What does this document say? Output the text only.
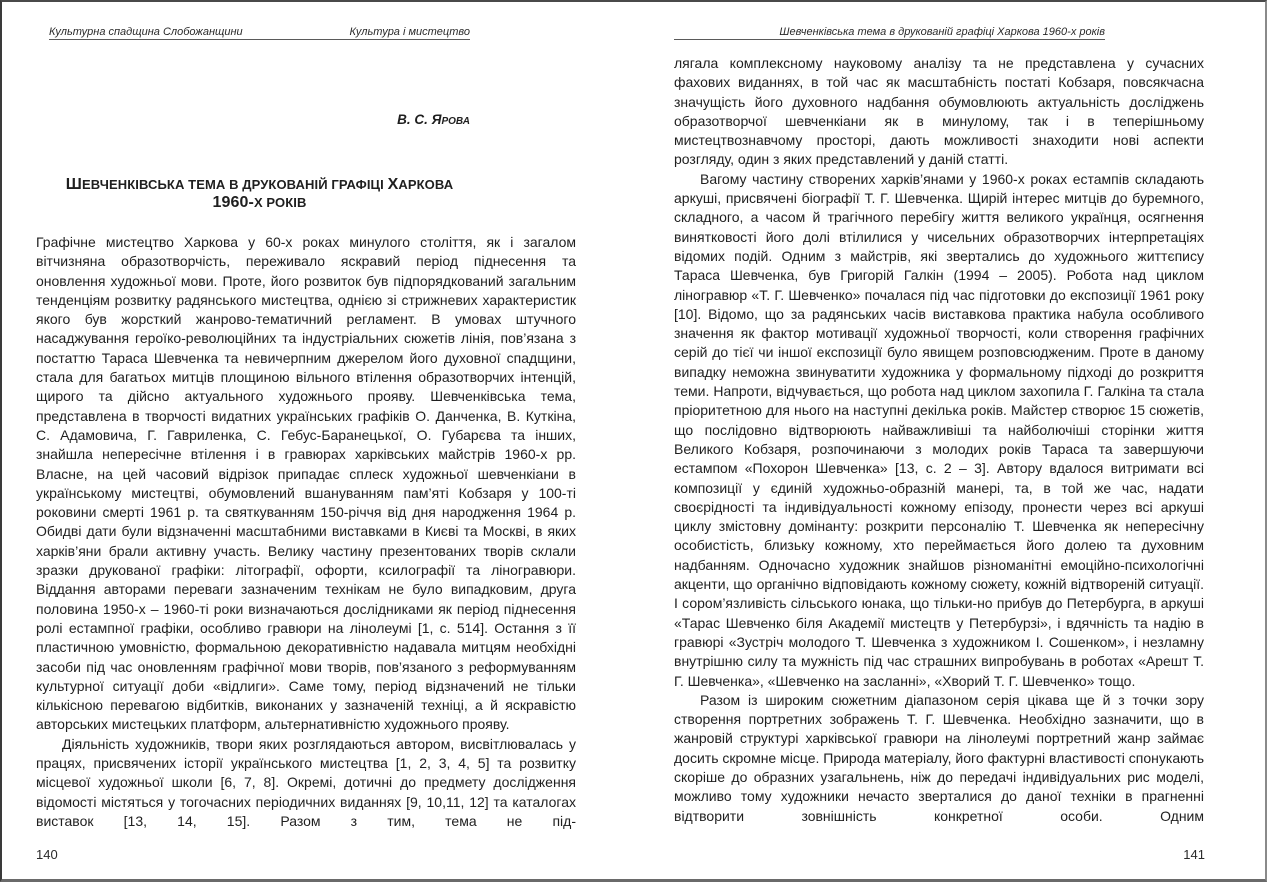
Культурна спадщина Слобожанщини	Культура і мистецтво
В. С. ЯРОВА
ШЕВЧЕНКІВСЬКА ТЕМА В ДРУКОВАНІЙ ГРАФІЦІ ХАРКОВА 1960-Х РОКІВ

Графічне мистецтво Харкова у 60-х роках минулого століття, як і загалом вітчизняна образотворчість, переживало яскравий період піднесення та оновлення художньої мови. Проте, його розвиток був підпорядкований загальним тенденціям розвитку радянського мистецтва, однією зі стрижневих характеристик якого був жорсткий жанрово-тематичний регламент. В умовах штучного насаджування героїко-революційних та індустріальних сюжетів лінія, пов’язана з постаттю Тараса Шевченка та невичерпним джерелом його духовної спадщини, стала для багатьох митців площиною вільного втілення образотворчих інтенцій, щирого та дійсно актуального художнього прояву. Шевченківська тема, представлена в творчості видатних українських графіків О. Данченка, В. Куткіна, С. Адамовича, Г. Гавриленка, С. Гебус-Баранецької, О. Губарєва та інших, знайшла непересічне втілення і в гравюрах харківських майстрів 1960-х рр. Власне, на цей часовий відрізок припадає сплеск художньої шевченкіани в українському мистецтві, обумовлений вшануванням пам’яті Кобзаря у 100-ті роковини смерті 1961 р. та святкуванням 150-річчя від дня народження 1964 р. Обидві дати були відзначенні масштабними виставками в Києві та Москві, в яких харків’яни брали активну участь. Велику частину презентованих творів склали зразки друкованої графіки: літографії, офорти, ксилографії та ліногравюри. Віддання авторами переваги зазначеним технікам не було випадковим, друга половина 1950-х – 1960-ті роки визначаються дослідниками як період піднесення ролі естампної графіки, особливо гравюри на лінолеумі [1, с. 514]. Остання з її пластичною умовністю, формальною декоративністю надавала митцям необхідні засоби під час оновленням графічної мови творів, пов’язаного з реформуванням культурної ситуації доби «відлиги». Саме тому, період відзначений не тільки кількісною перевагою відбитків, виконаних у зазначеній техніці, а й яскравістю авторських мистецьких платформ, альтернативністю художнього прояву.

Діяльність художників, твори яких розглядаються автором, висвітлювалась у працях, присвячених історії українського мистецтва [1, 2, 3, 4, 5] та розвитку місцевої художньої школи [6, 7, 8]. Окремі, дотичні до предмету дослідження відомості містяться у тогочасних періодичних виданнях [9, 10,11, 12] та каталогах виставок [13, 14, 15]. Разом з тим, тема не під-

140
Шевченківська тема в друкованій графіці Харкова 1960-х років

лягала комплексному науковому аналізу та не представлена у сучасних фахових виданнях, в той час як масштабність постаті Кобзаря, повсякчасна значущість його духовного надбання обумовлюють актуальність досліджень образотворчої шевченкіани як в минулому, так і в теперішньому мистецтвознавчому просторі, дають можливості знаходити нові аспекти розгляду, один з яких представлений у даній статті.

Вагому частину створених харків’янами у 1960-х роках естампів складають аркуші, присвячені біографії Т. Г. Шевченка. Щирій інтерес митців до буремного, складного, а часом й трагічного перебігу життя великого українця, осягнення винятковості його долі втілилися у чисельних образотворчих інтерпретаціях відомих подій. Одним з майстрів, які звертались до художнього життєпису Тараса Шевченка, був Григорій Галкін (1994 – 2005). Робота над циклом ліногравюр «Т. Г. Шевченко» почалася під час підготовки до експозиції 1961 року [10]. Відомо, що за радянських часів виставкова практика набула особливого значення як фактор мотивації художньої творчості, коли створення графічних серій до тієї чи іншої експозиції було явищем розповсюдженим. Проте в даному випадку неможна звинуватити художника у формальному підході до розкриття теми. Напроти, відчувається, що робота над циклом захопила Г. Галкіна та стала пріоритетною для нього на наступні декілька років. Майстер створює 15 сюжетів, що послідовно відтворюють найважливіші та найболючіші сторінки життя Великого Кобзаря, розпочинаючи з молодих років Тараса та завершуючи естампом «Похорон Шевченка» [13, с. 2 – 3]. Автору вдалося витримати всі композиції у єдиній художньо-образній манері, та, в той же час, надати своєрідності та індивідуальності кожному епізоду, пронести через всі аркуші циклу змістовну домінанту: розкрити персоналію Т. Шевченка як непересічну особистість, близьку кожному, хто переймається його долею та духовним надбанням. Одночасно художник знайшов різноманітні емоційно-психологічні акценти, що органічно відповідають кожному сюжету, кожній відтвореній ситуації. І сором’язливість сільського юнака, що тільки-но прибув до Петербурга, в аркуші «Тарас Шевченко біля Академії мистецтв у Петербурзі», і вдячність та надію в гравюрі «Зустріч молодого Т. Шевченка з художником І. Сошенком», і незламну внутрішню силу та мужність під час страшних випробувань в роботах «Арешт Т. Г. Шевченка», «Шевченко на засланні», «Хворий Т. Г. Шевченко» тощо.

Разом із широким сюжетним діапазоном серія цікава ще й з точки зору створення портретних зображень Т. Г. Шевченка. Необхідно зазначити, що в жанровій структурі харківської гравюри на лінолеумі портретний жанр займає досить скромне місце. Природа матеріалу, його фактурні властивості спонукають скоріше до образних узагальнень, ніж до передачі індивідуальних рис моделі, можливо тому художники нечасто зверталися до даної техніки в прагненні відтворити зовнішність конкретної особи. Одним

141
